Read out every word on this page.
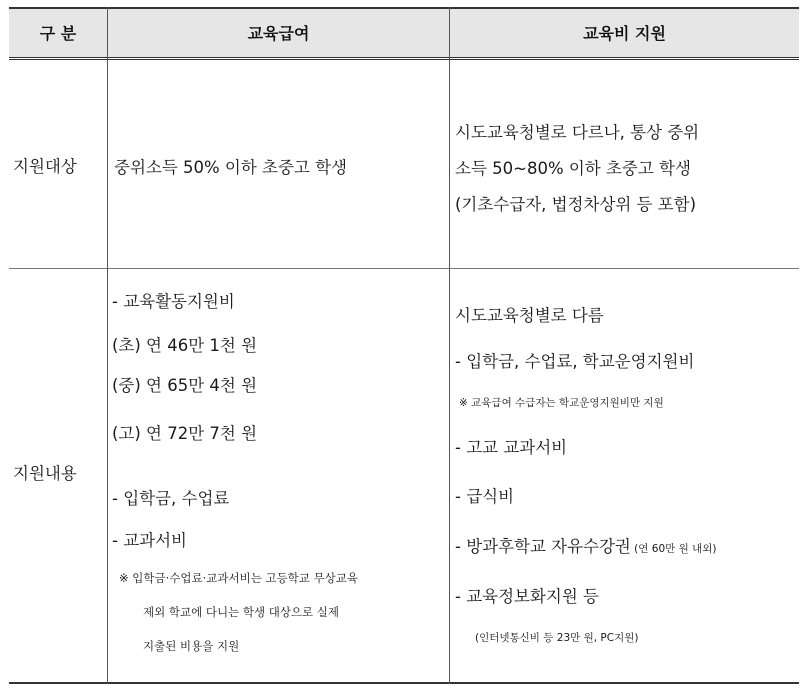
구 분	교육급여	교육비 지원
지원대상 중위소득 50% 이하 초중고 학생
시도교육청별로 다르나, 통상 중위
소득 50~80% 이하 초중고 학생
(기초수급자, 법정차상위 등 포함)
지원내용
- 교육활동지원비
(초) 연 46만 1천 원
(중) 연 65만 4천 원
(고) 연 72만 7천 원
- 입학금, 수업료
- 교과서비
※ 입학금·수업료·교과서비는 고등학교 무상교육
제외 학교에 다니는 학생 대상으로 실제
지출된 비용을 지원
시도교육청별로 다름
- 입학금, 수업료, 학교운영지원비
※ 교육급여 수급자는 학교운영지원비만 지원
- 고교 교과서비
- 급식비
- 방과후학교 자유수강권 (연 60만 원 내외)
- 교육정보화지원 등
(인터넷통신비 등 23만 원, PC지원)
